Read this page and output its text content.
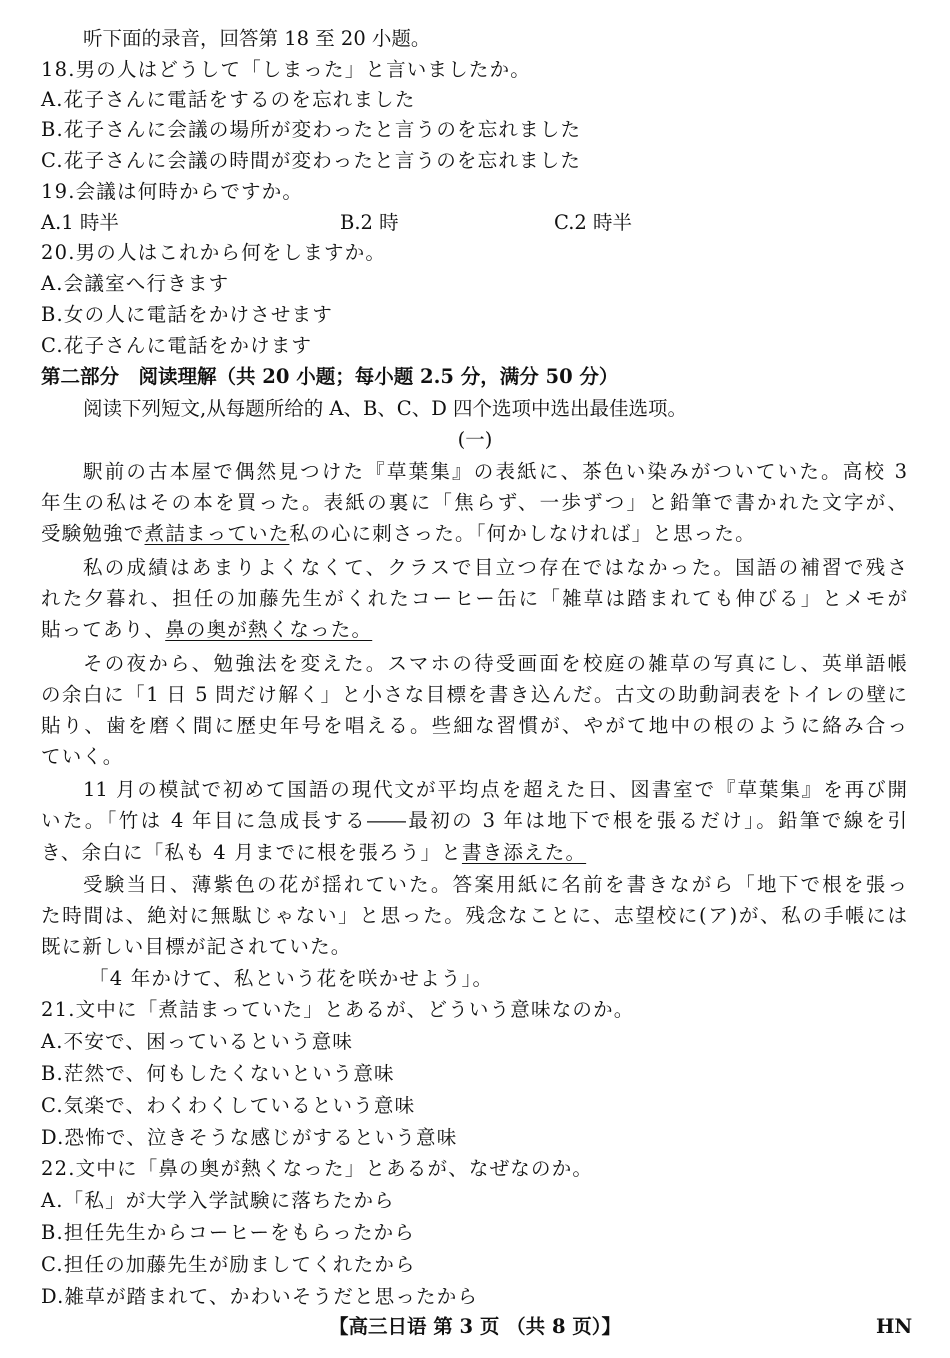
听下面的录音，回答第 18 至 20 小题。
18.男の人はどうして「しまった」と言いましたか。
A.花子さんに電話をするのを忘れました
B.花子さんに会議の場所が変わったと言うのを忘れました
C.花子さんに会議の時間が変わったと言うのを忘れました
19.会議は何時からですか。
A.1 時半	B.2 時	C.2 時半
20.男の人はこれから何をしますか。
A.会議室へ行きます
B.女の人に電話をかけさせます
C.花子さんに電話をかけます
第二部分　阅读理解（共 20 小题；每小题 2.5 分，满分 50 分）
阅读下列短文,从每题所给的 A、B、C、D 四个选项中选出最佳选项。
(一)
駅前の古本屋で偶然見つけた『草葉集』の表紙に、茶色い染みがついていた。高校 3
年生の私はその本を買った。表紙の裏に「焦らず、一歩ずつ」と鉛筆で書かれた文字が、
受験勉強で煮詰まっていた私の心に刺さった。「何かしなければ」と思った。
私の成績はあまりよくなくて、クラスで目立つ存在ではなかった。国語の補習で残さ
れた夕暮れ、担任の加藤先生がくれたコーヒー缶に「雑草は踏まれても伸びる」とメモが
貼ってあり、鼻の奥が熱くなった。
その夜から、勉強法を変えた。スマホの待受画面を校庭の雑草の写真にし、英単語帳
の余白に「1 日 5 問だけ解く」と小さな目標を書き込んだ。古文の助動詞表をトイレの壁に
貼り、歯を磨く間に歴史年号を唱える。些細な習慣が、やがて地中の根のように絡み合っ
ていく。
11 月の模試で初めて国語の現代文が平均点を超えた日、図書室で『草葉集』を再び開
いた。「竹は 4 年目に急成長する――最初の 3 年は地下で根を張るだけ」。鉛筆で線を引
き、余白に「私も 4 月までに根を張ろう」と書き添えた。
受験当日、薄紫色の花が揺れていた。答案用紙に名前を書きながら「地下で根を張っ
た時間は、絶対に無駄じゃない」と思った。残念なことに、志望校に(ア)が、私の手帳には
既に新しい目標が記されていた。
「4 年かけて、私という花を咲かせよう」。
21.文中に「煮詰まっていた」とあるが、どういう意味なのか。
A.不安で、困っているという意味
B.茫然で、何もしたくないという意味
C.気楽で、わくわくしているという意味
D.恐怖で、泣きそうな感じがするという意味
22.文中に「鼻の奥が熱くなった」とあるが、なぜなのか。
A.「私」が大学入学試験に落ちたから
B.担任先生からコーヒーをもらったから
C.担任の加藤先生が励ましてくれたから
D.雑草が踏まれて、かわいそうだと思ったから
【高三日语 第 3 页 （共 8 页）】	HN
